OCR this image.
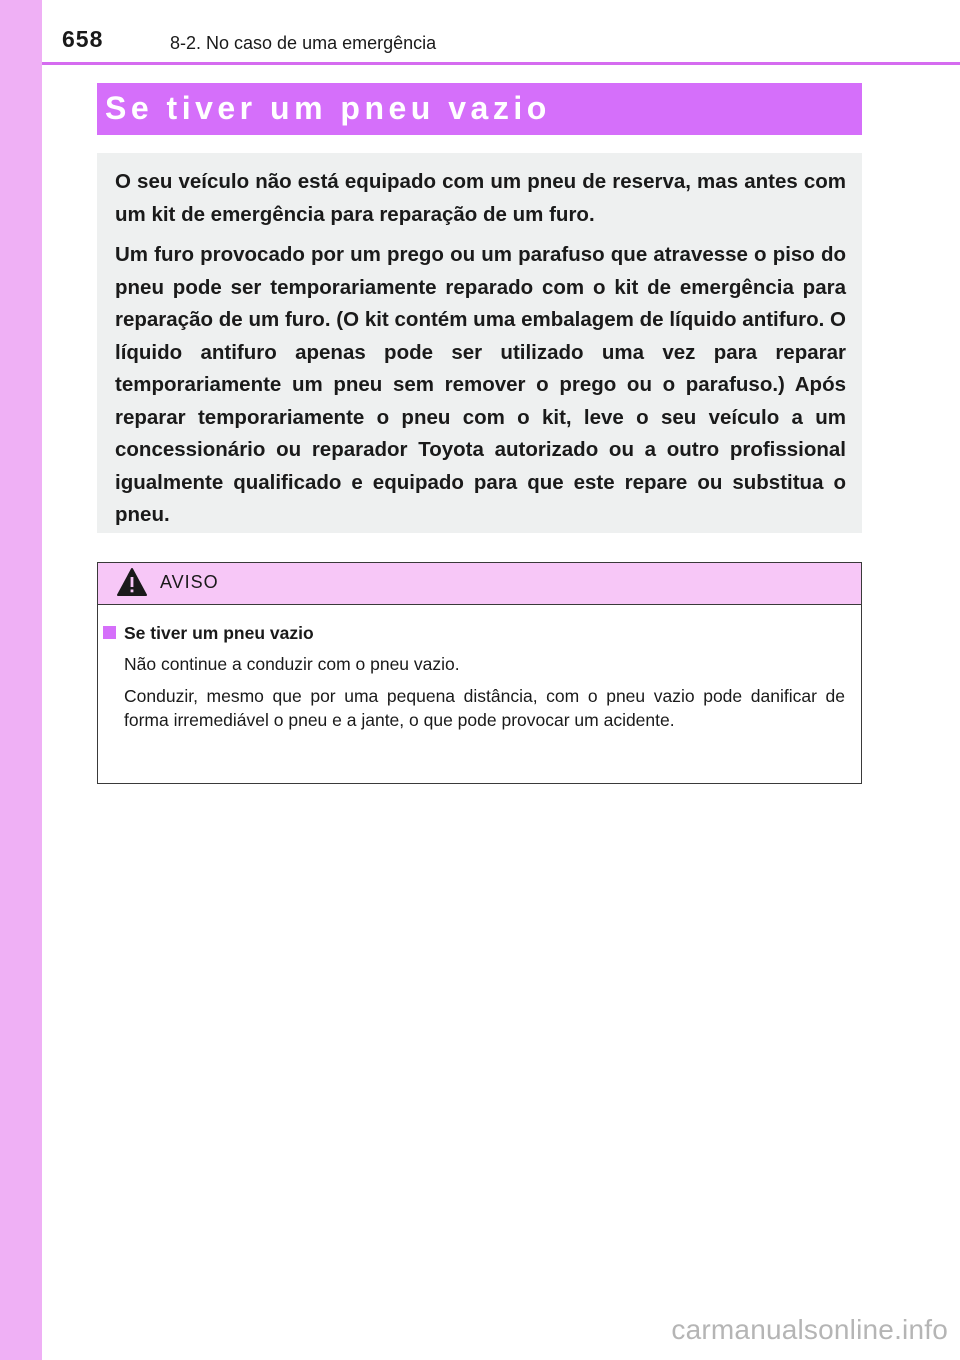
658	8-2. No caso de uma emergência
Se tiver um pneu vazio

O seu veículo não está equipado com um pneu de reserva, mas antes com um kit de emergência para reparação de um furo.

Um furo provocado por um prego ou um parafuso que atravesse o piso do pneu pode ser temporariamente reparado com o kit de emergência para reparação de um furo. (O kit contém uma embalagem de líquido antifuro. O líquido antifuro apenas pode ser utilizado uma vez para reparar temporariamente um pneu sem remover o prego ou o parafuso.) Após reparar temporariamente o pneu com o kit, leve o seu veículo a um concessionário ou reparador Toyota autorizado ou a outro profissional igualmente qualificado e equipado para que este repare ou substitua o pneu.

AVISO

Se tiver um pneu vazio

Não continue a conduzir com o pneu vazio.

Conduzir, mesmo que por uma pequena distância, com o pneu vazio pode danificar de forma irremediável o pneu e a jante, o que pode provocar um acidente.

carmanualsonline.info
